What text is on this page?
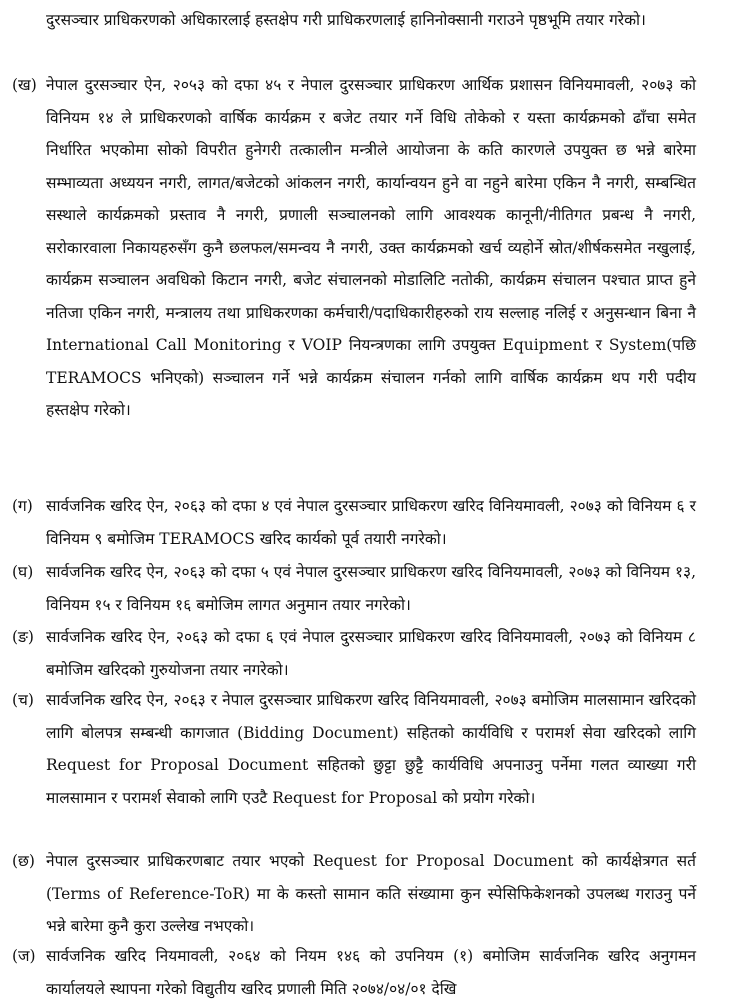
दुरसञ्चार प्राधिकरणको अधिकारलाई हस्तक्षेप गरी प्राधिकरणलाई हानिनोक्सानी गराउने पृष्ठभूमि तयार गरेको।
(ख) नेपाल दुरसञ्चार ऐन, २०५३ को दफा ४५ र नेपाल दुरसञ्चार प्राधिकरण आर्थिक प्रशासन विनियमावली, २०७३ को विनियम १४ ले प्राधिकरणको वार्षिक कार्यक्रम र बजेट तयार गर्ने विधि तोकेको र यस्ता कार्यक्रमको ढाँचा समेत निर्धारित भएकोमा सोको विपरीत हुनेगरी तत्कालीन मन्त्रीले आयोजना के कति कारणले उपयुक्त छ भन्ने बारेमा सम्भाव्यता अध्ययन नगरी, लागत/बजेटको आंकलन नगरी, कार्यान्वयन हुने वा नहुने बारेमा एकिन नै नगरी, सम्बन्धित सस्थाले कार्यक्रमको प्रस्ताव नै नगरी, प्रणाली सञ्चालनको लागि आवश्यक कानूनी/नीतिगत प्रबन्ध नै नगरी, सरोकारवाला निकायहरुसँग कुनै छलफल/समन्वय नै नगरी, उक्त कार्यक्रमको खर्च व्यहोर्ने स्रोत/शीर्षकसमेत नखुलाई, कार्यक्रम सञ्चालन अवधिको किटान नगरी, बजेट संचालनको मोडालिटि नतोकी, कार्यक्रम संचालन पश्चात प्राप्त हुने नतिजा एकिन नगरी, मन्त्रालय तथा प्राधिकरणका कर्मचारी/पदाधिकारीहरुको राय सल्लाह नलिई र अनुसन्धान बिना नै International Call Monitoring र VOIP नियन्त्रणका लागि उपयुक्त Equipment र System(पछि TERAMOCS भनिएको) सञ्चालन गर्ने भन्ने कार्यक्रम संचालन गर्नको लागि वार्षिक कार्यक्रम थप गरी पदीय हस्तक्षेप गरेको।
(ग) सार्वजनिक खरिद ऐन, २०६३ को दफा ४ एवं नेपाल दुरसञ्चार प्राधिकरण खरिद विनियमावली, २०७३ को विनियम ६ र विनियम ९ बमोजिम TERAMOCS खरिद कार्यको पूर्व तयारी नगरेको।
(घ) सार्वजनिक खरिद ऐन, २०६३ को दफा ५ एवं नेपाल दुरसञ्चार प्राधिकरण खरिद विनियमावली, २०७३ को विनियम १३, विनियम १५ र विनियम १६ बमोजिम लागत अनुमान तयार नगरेको।
(ङ) सार्वजनिक खरिद ऐन, २०६३ को दफा ६ एवं नेपाल दुरसञ्चार प्राधिकरण खरिद विनियमावली, २०७३ को विनियम ८ बमोजिम खरिदको गुरुयोजना तयार नगरेको।
(च) सार्वजनिक खरिद ऐन, २०६३ र नेपाल दुरसञ्चार प्राधिकरण खरिद विनियमावली, २०७३ बमोजिम मालसामान खरिदको लागि बोलपत्र सम्बन्धी कागजात (Bidding Document) सहितको कार्यविधि र परामर्श सेवा खरिदको लागि Request for Proposal Document सहितको छुट्टा छुट्टै कार्यविधि अपनाउनु पर्नेमा गलत व्याख्या गरी मालसामान र परामर्श सेवाको लागि एउटै Request for Proposal को प्रयोग गरेको।
(छ) नेपाल दुरसञ्चार प्राधिकरणबाट तयार भएको Request for Proposal Document को कार्यक्षेत्रगत सर्त (Terms of Reference-ToR) मा के कस्तो सामान कति संख्यामा कुन स्पेसिफिकेशनको उपलब्ध गराउनु पर्ने भन्ने बारेमा कुनै कुरा उल्लेख नभएको।
(ज) सार्वजनिक खरिद नियमावली, २०६४ को नियम १४६ को उपनियम (१) बमोजिम सार्वजनिक खरिद अनुगमन कार्यालयले स्थापना गरेको विद्युतीय खरिद प्रणाली मिति २०७४/०४/०१ देखि
